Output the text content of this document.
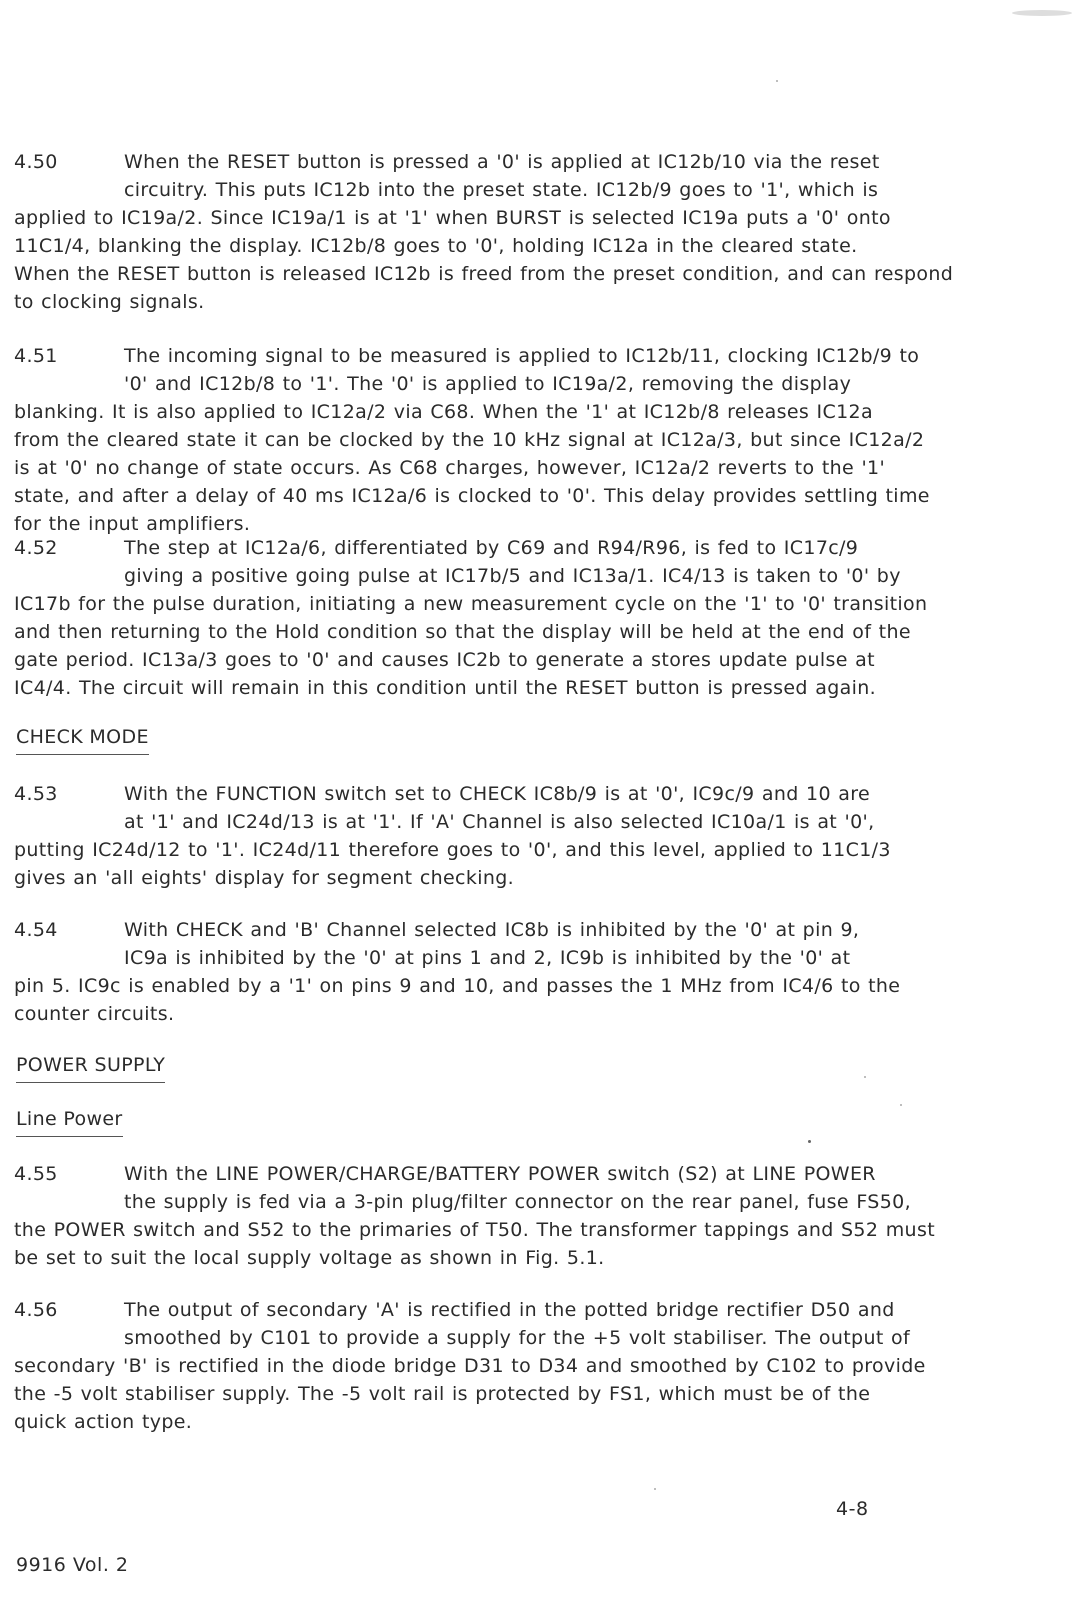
4.50	When the RESET button is pressed a '0' is applied at IC12b/10 via the reset
circuitry. This puts IC12b into the preset state. IC12b/9 goes to '1', which is
applied to IC19a/2. Since IC19a/1 is at '1' when BURST is selected IC19a puts a '0' onto
11C1/4, blanking the display. IC12b/8 goes to '0', holding IC12a in the cleared state.
When the RESET button is released IC12b is freed from the preset condition, and can respond
to clocking signals.
4.51	The incoming signal to be measured is applied to IC12b/11, clocking IC12b/9 to
'0' and IC12b/8 to '1'. The '0' is applied to IC19a/2, removing the display
blanking. It is also applied to IC12a/2 via C68. When the '1' at IC12b/8 releases IC12a
from the cleared state it can be clocked by the 10 kHz signal at IC12a/3, but since IC12a/2
is at '0' no change of state occurs. As C68 charges, however, IC12a/2 reverts to the '1'
state, and after a delay of 40 ms IC12a/6 is clocked to '0'. This delay provides settling time
for the input amplifiers.
4.52	The step at IC12a/6, differentiated by C69 and R94/R96, is fed to IC17c/9
giving a positive going pulse at IC17b/5 and IC13a/1. IC4/13 is taken to '0' by
IC17b for the pulse duration, initiating a new measurement cycle on the '1' to '0' transition
and then returning to the Hold condition so that the display will be held at the end of the
gate period. IC13a/3 goes to '0' and causes IC2b to generate a stores update pulse at
IC4/4. The circuit will remain in this condition until the RESET button is pressed again.
CHECK MODE
4.53	With the FUNCTION switch set to CHECK IC8b/9 is at '0', IC9c/9 and 10 are
at '1' and IC24d/13 is at '1'. If 'A' Channel is also selected IC10a/1 is at '0',
putting IC24d/12 to '1'. IC24d/11 therefore goes to '0', and this level, applied to 11C1/3
gives an 'all eights' display for segment checking.
4.54	With CHECK and 'B' Channel selected IC8b is inhibited by the '0' at pin 9,
IC9a is inhibited by the '0' at pins 1 and 2, IC9b is inhibited by the '0' at
pin 5. IC9c is enabled by a '1' on pins 9 and 10, and passes the 1 MHz from IC4/6 to the
counter circuits.
POWER SUPPLY
Line Power
4.55	With the LINE POWER/CHARGE/BATTERY POWER switch (S2) at LINE POWER
the supply is fed via a 3-pin plug/filter connector on the rear panel, fuse FS50,
the POWER switch and S52 to the primaries of T50. The transformer tappings and S52 must
be set to suit the local supply voltage as shown in Fig. 5.1.
4.56	The output of secondary 'A' is rectified in the potted bridge rectifier D50 and
smoothed by C101 to provide a supply for the +5 volt stabiliser. The output of
secondary 'B' is rectified in the diode bridge D31 to D34 and smoothed by C102 to provide
the -5 volt stabiliser supply. The -5 volt rail is protected by FS1, which must be of the
quick action type.
4-8
9916 Vol. 2
